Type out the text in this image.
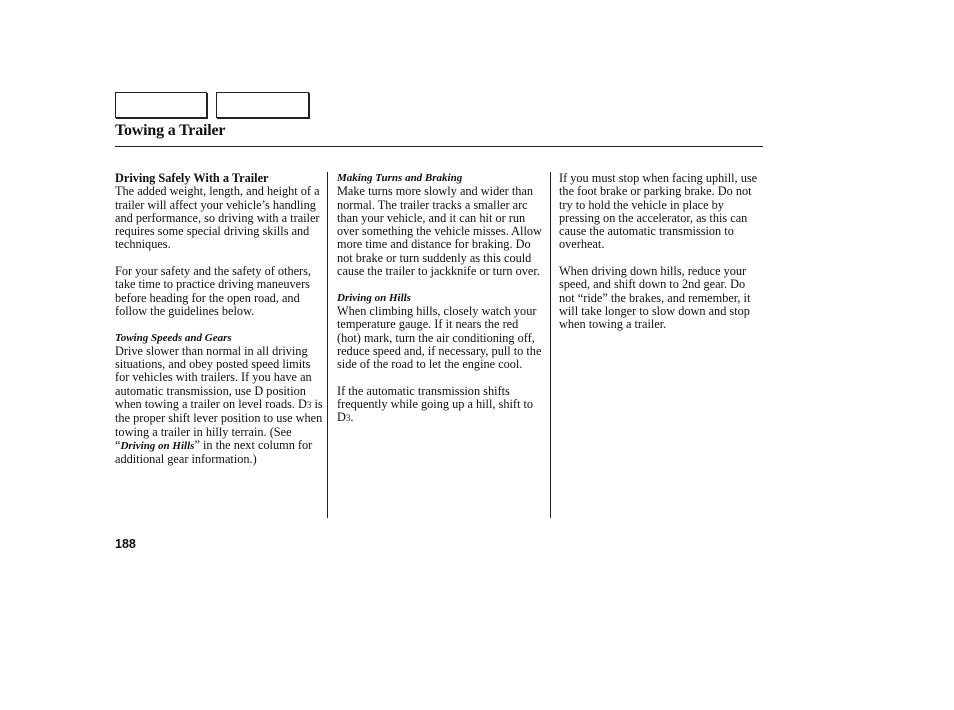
Towing a Trailer
Driving Safely With a Trailer

The added weight, length, and height of a trailer will affect your vehicle’s handling and performance, so driving with a trailer requires some special driving skills and techniques.

For your safety and the safety of others, take time to practice driving maneuvers before heading for the open road, and follow the guidelines below.

Towing Speeds and Gears

Drive slower than normal in all driving situations, and obey posted speed limits for vehicles with trailers. If you have an automatic transmission, use D position when towing a trailer on level roads. D3 is the proper shift lever position to use when towing a trailer in hilly terrain. (See “Driving on Hills” in the next column for additional gear information.)

Making Turns and Braking

Make turns more slowly and wider than normal. The trailer tracks a smaller arc than your vehicle, and it can hit or run over something the vehicle misses. Allow more time and distance for braking. Do not brake or turn suddenly as this could cause the trailer to jackknife or turn over.

Driving on Hills

When climbing hills, closely watch your temperature gauge. If it nears the red (hot) mark, turn the air conditioning off, reduce speed and, if necessary, pull to the side of the road to let the engine cool.

If the automatic transmission shifts frequently while going up a hill, shift to D3.

If you must stop when facing uphill, use the foot brake or parking brake. Do not try to hold the vehicle in place by pressing on the accelerator, as this can cause the automatic transmission to overheat.

When driving down hills, reduce your speed, and shift down to 2nd gear. Do not “ride” the brakes, and remember, it will take longer to slow down and stop when towing a trailer.

188
